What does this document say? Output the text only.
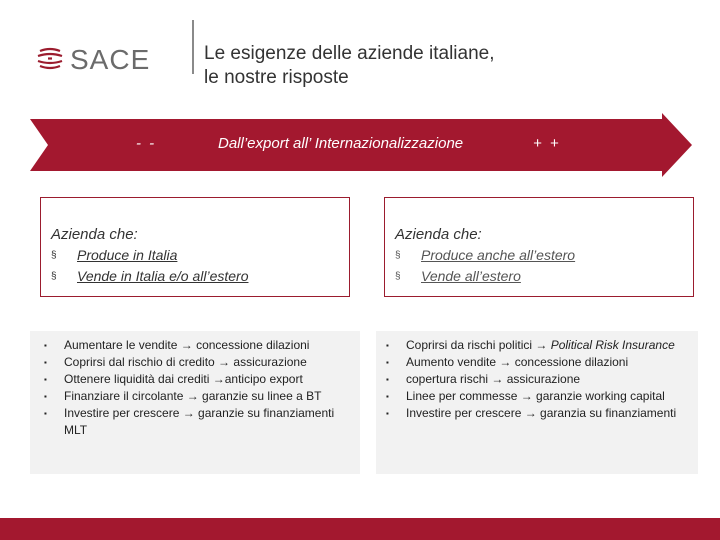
SACE	Le esigenze delle aziende italiane,
le nostre risposte
- -	Dall’export all’ Internazionalizzazione	+ +
Azienda che:
§	Produce in Italia
§	Vende in Italia e/o all’estero
Azienda che:
§	Produce anche all’estero
§	Vende all’estero
▪	Aumentare le vendite → concessione dilazioni
▪	Coprirsi dal rischio di credito → assicurazione
▪	Ottenere liquidità dai crediti →anticipo export
▪	Finanziare il circolante → garanzie su linee a BT
▪	Investire per crescere → garanzie su finanziamenti MLT
▪	Coprirsi da rischi politici → Political Risk Insurance
▪	Aumento vendite → concessione dilazioni
▪	copertura rischi → assicurazione
▪	Linee per commesse → garanzie working capital
▪	Investire per crescere → garanzia su finanziamenti
